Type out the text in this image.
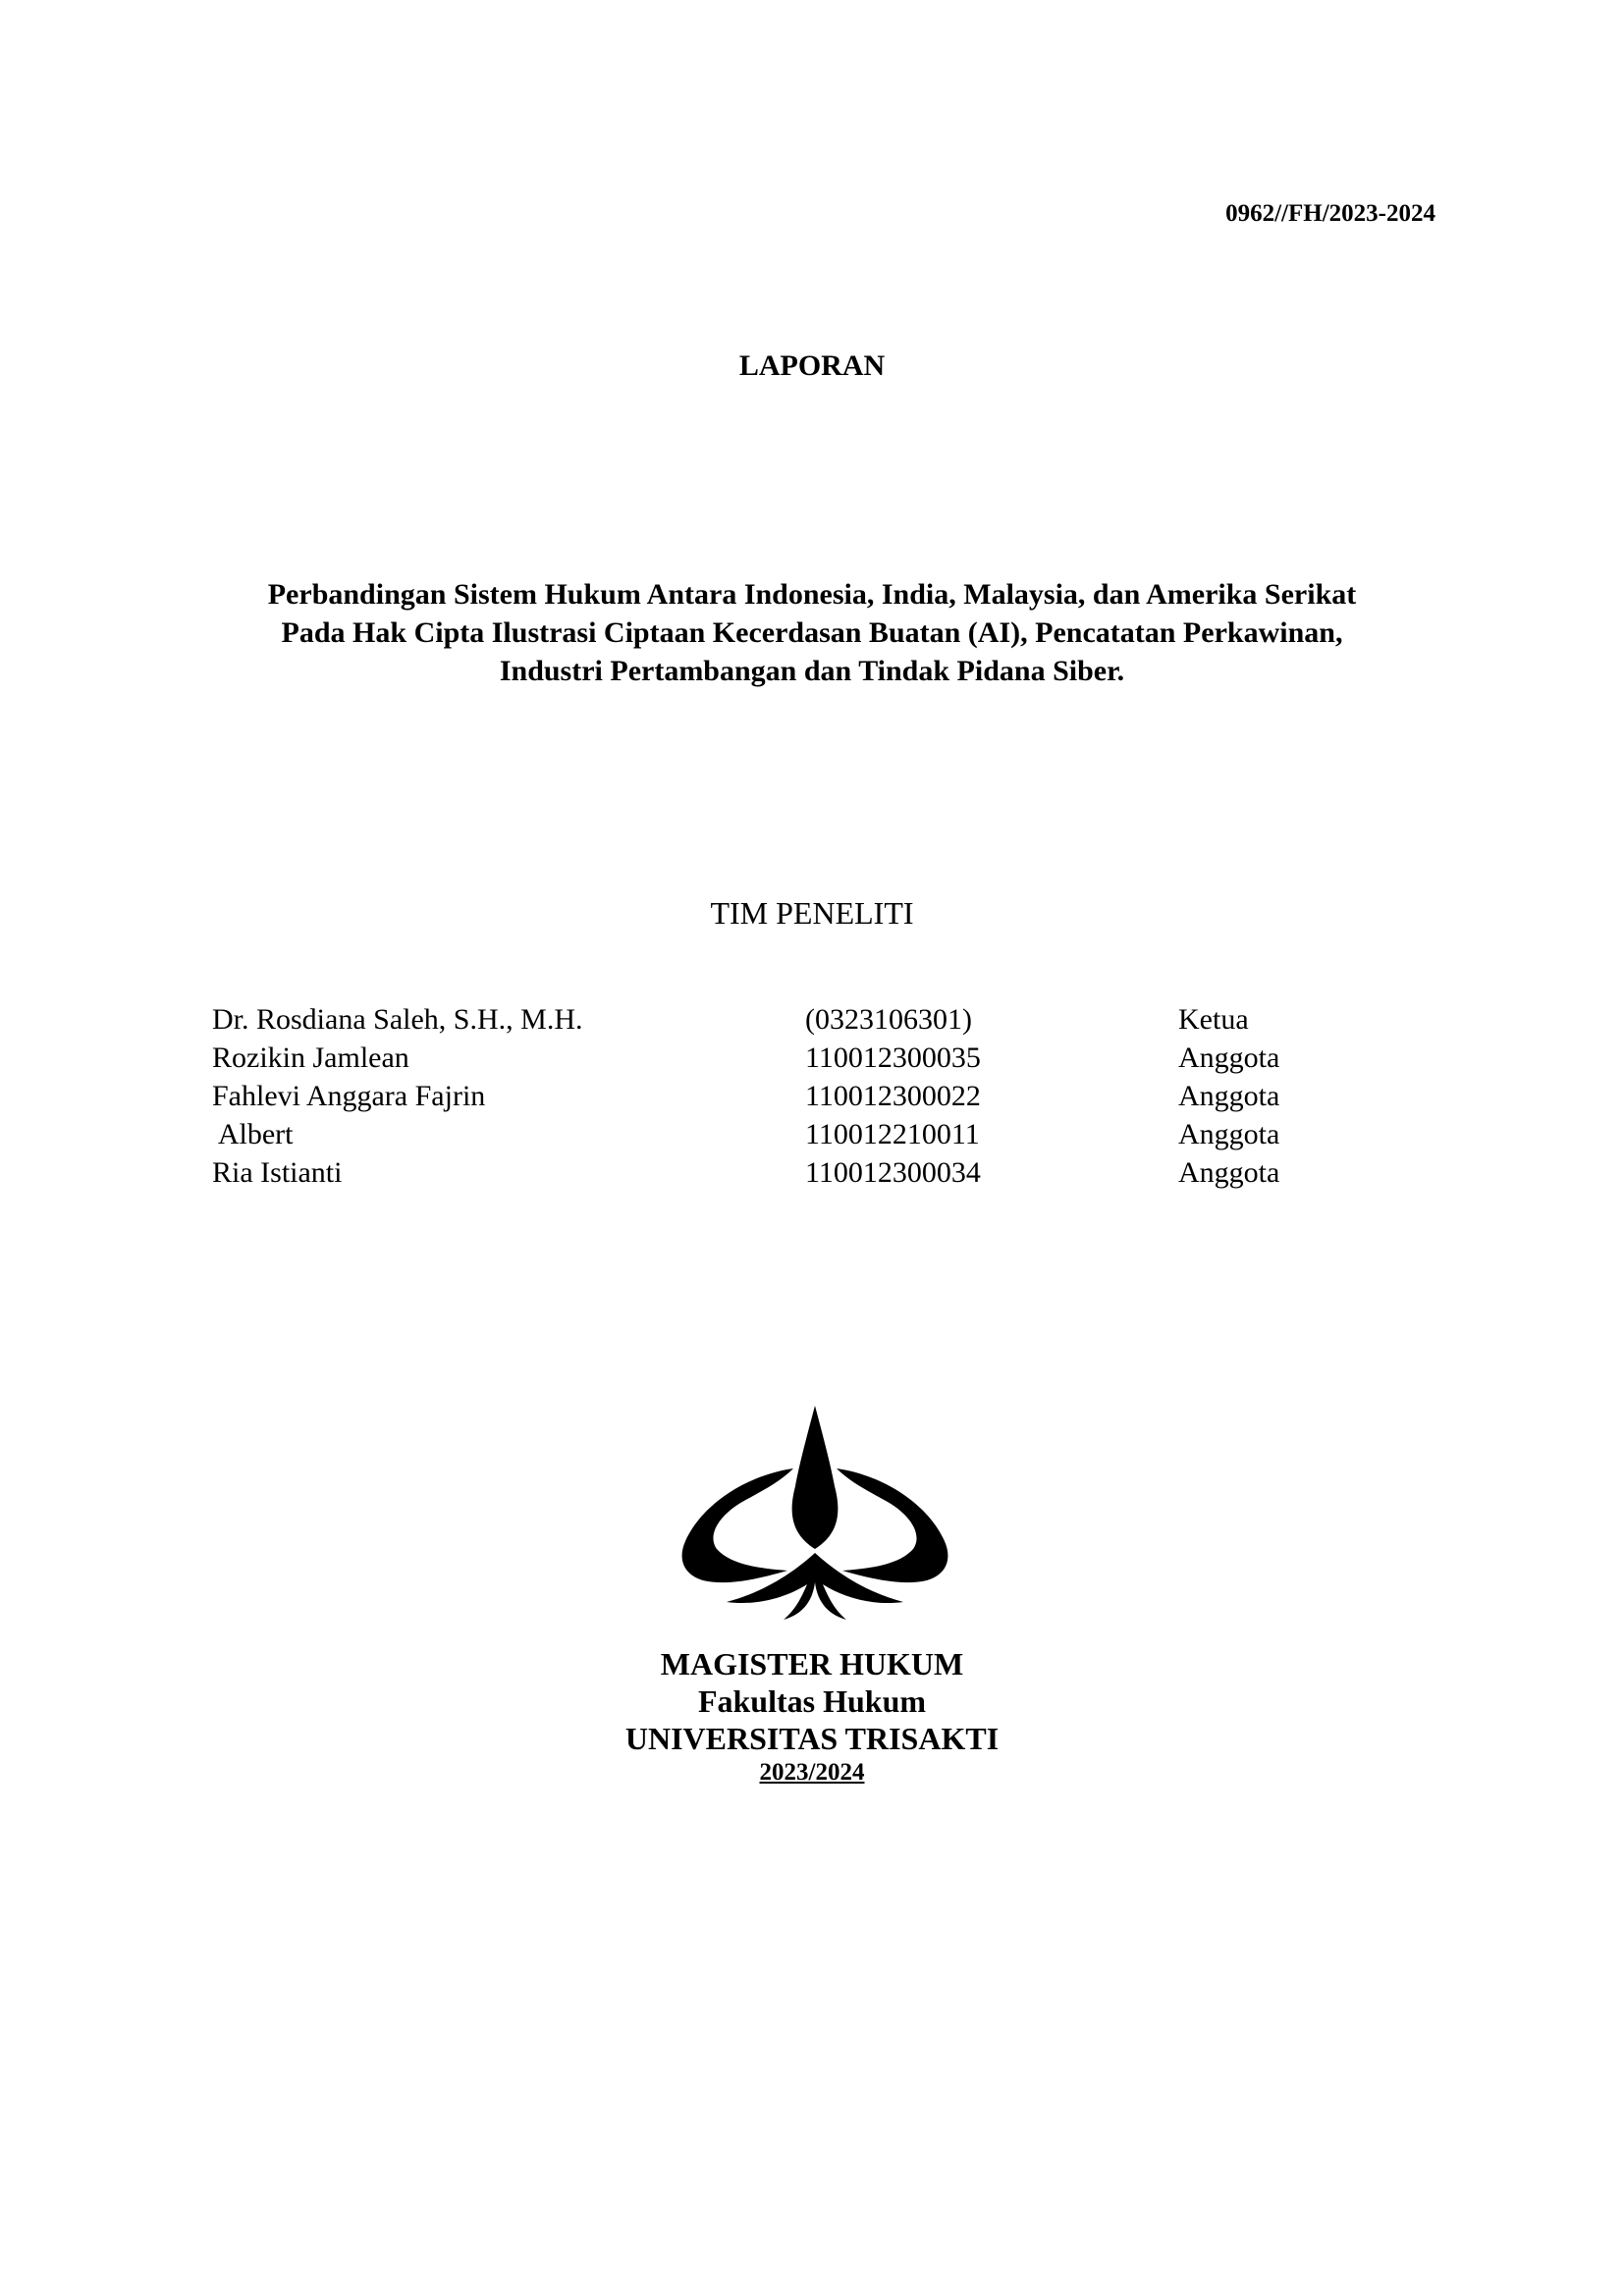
0962//FH/2023-2024
LAPORAN
Perbandingan Sistem Hukum Antara Indonesia, India, Malaysia, dan Amerika Serikat
Pada Hak Cipta Ilustrasi Ciptaan Kecerdasan Buatan (AI), Pencatatan Perkawinan,
Industri Pertambangan dan Tindak Pidana Siber.
TIM PENELITI
Dr. Rosdiana Saleh, S.H., M.H.	(0323106301)	Ketua
Rozikin Jamlean	110012300035	Anggota
Fahlevi Anggara Fajrin	110012300022	Anggota
Albert	110012210011	Anggota
Ria Istianti	110012300034	Anggota
MAGISTER HUKUM
Fakultas Hukum
UNIVERSITAS TRISAKTI
2023/2024
